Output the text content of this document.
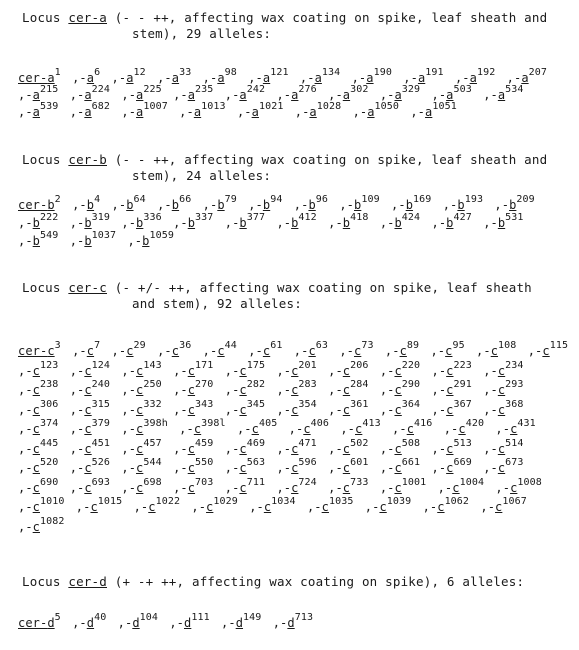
Locus cer-a (- - ++, affecting wax coating on spike, leaf sheath and
stem), 29 alleles:
cer-$a^1$ $,-a^6$ $,-a^{12}$ $,-a^{33}$ $,-a^{98}$ $,-a^{121}$ $,-a^{134}$ $,-a^{190}$ $,-a^{191}$ $,-a^{192}$ $,-a^{207}$ $,-a^{215}$ $,-a^{224}$ $,-a^{225}$ $,-a^{235}$ $,-a^{242}$ $,-a^{276}$ $,-a^{302}$ $,-a^{329}$ $,-a^{503}$ $,-a^{534}$ $,-a^{539}$ $,-a^{682}$ $,-a^{1007}$ $,-a^{1013}$ $,-a^{1021}$ $,-a^{1028}$ $,-a^{1050}$ $,-a^{1051}$
Locus cer-b (- - ++, affecting wax coating on spike, leaf sheath and
stem), 24 alleles:
cer-$b^2$ $,-b^4$ $,-b^{64}$ $,-b^{66}$ $,-b^{79}$ $,-b^{94}$ $,-b^{96}$ $,-b^{109}$ $,-b^{169}$ $,-b^{193}$ $,-b^{209}$ $,-b^{222}$ $,-b^{319}$ $,-b^{336}$ $,-b^{337}$ $,-b^{377}$ $,-b^{412}$ $,-b^{418}$ $,-b^{424}$ $,-b^{427}$ $,-b^{531}$ $,-b^{549}$ $,-b^{1037}$ $,-b^{1059}$
Locus cer-c (- +/- ++, affecting wax coating on spike, leaf sheath
and stem), 92 alleles:
cer-$c^3$ $,-c^7$ $,-c^{29}$ $,-c^{36}$ $,-c^{44}$ $,-c^{61}$ $,-c^{63}$ $,-c^{73}$ $,-c^{89}$ $,-c^{95}$ $,-c^{108}$ $,-c^{115}$ $,-c^{123}$ $,-c^{124}$ $,-c^{143}$ $,-c^{171}$ $,-c^{175}$ $,-c^{201}$ $,-c^{206}$ $,-c^{220}$ $,-c^{223}$ $,-c^{234}$ $,-c^{238}$ $,-c^{240}$ $,-c^{250}$ $,-c^{270}$ $,-c^{282}$ $,-c^{283}$ $,-c^{284}$ $,-c^{290}$ $,-c^{291}$ $,-c^{293}$ $,-c^{306}$ $,-c^{315}$ $,-c^{332}$ $,-c^{343}$ $,-c^{345}$ $,-c^{354}$ $,-c^{361}$ $,-c^{364}$ $,-c^{367}$ $,-c^{368}$ $,-c^{374}$ $,-c^{379}$ $,-c^{398h}$ $,-c^{398l}$ $,-c^{405}$ $,-c^{406}$ $,-c^{413}$ $,-c^{416}$ $,-c^{420}$ $,-c^{431}$ $,-c^{445}$ $,-c^{451}$ $,-c^{457}$ $,-c^{459}$ $,-c^{469}$ $,-c^{471}$ $,-c^{502}$ $,-c^{508}$ $,-c^{513}$ $,-c^{514}$ $,-c^{520}$ $,-c^{526}$ $,-c^{544}$ $,-c^{550}$ $,-c^{563}$ $,-c^{596}$ $,-c^{601}$ $,-c^{661}$ $,-c^{669}$ $,-c^{673}$ $,-c^{690}$ $,-c^{693}$ $,-c^{698}$ $,-c^{703}$ $,-c^{711}$ $,-c^{724}$ $,-c^{733}$ $,-c^{1001}$ $,-c^{1004}$ $,-c^{1008}$ $,-c^{1010}$ $,-c^{1015}$ $,-c^{1022}$ $,-c^{1029}$ $,-c^{1034}$ $,-c^{1035}$ $,-c^{1039}$ $,-c^{1062}$ $,-c^{1067}$ $,-c^{1082}$
Locus cer-d (+ -+ ++, affecting wax coating on spike), 6 alleles:
cer-$d^5$ $,-d^{40}$ $,-d^{104}$ $,-d^{111}$ $,-d^{149}$ $,-d^{713}$
